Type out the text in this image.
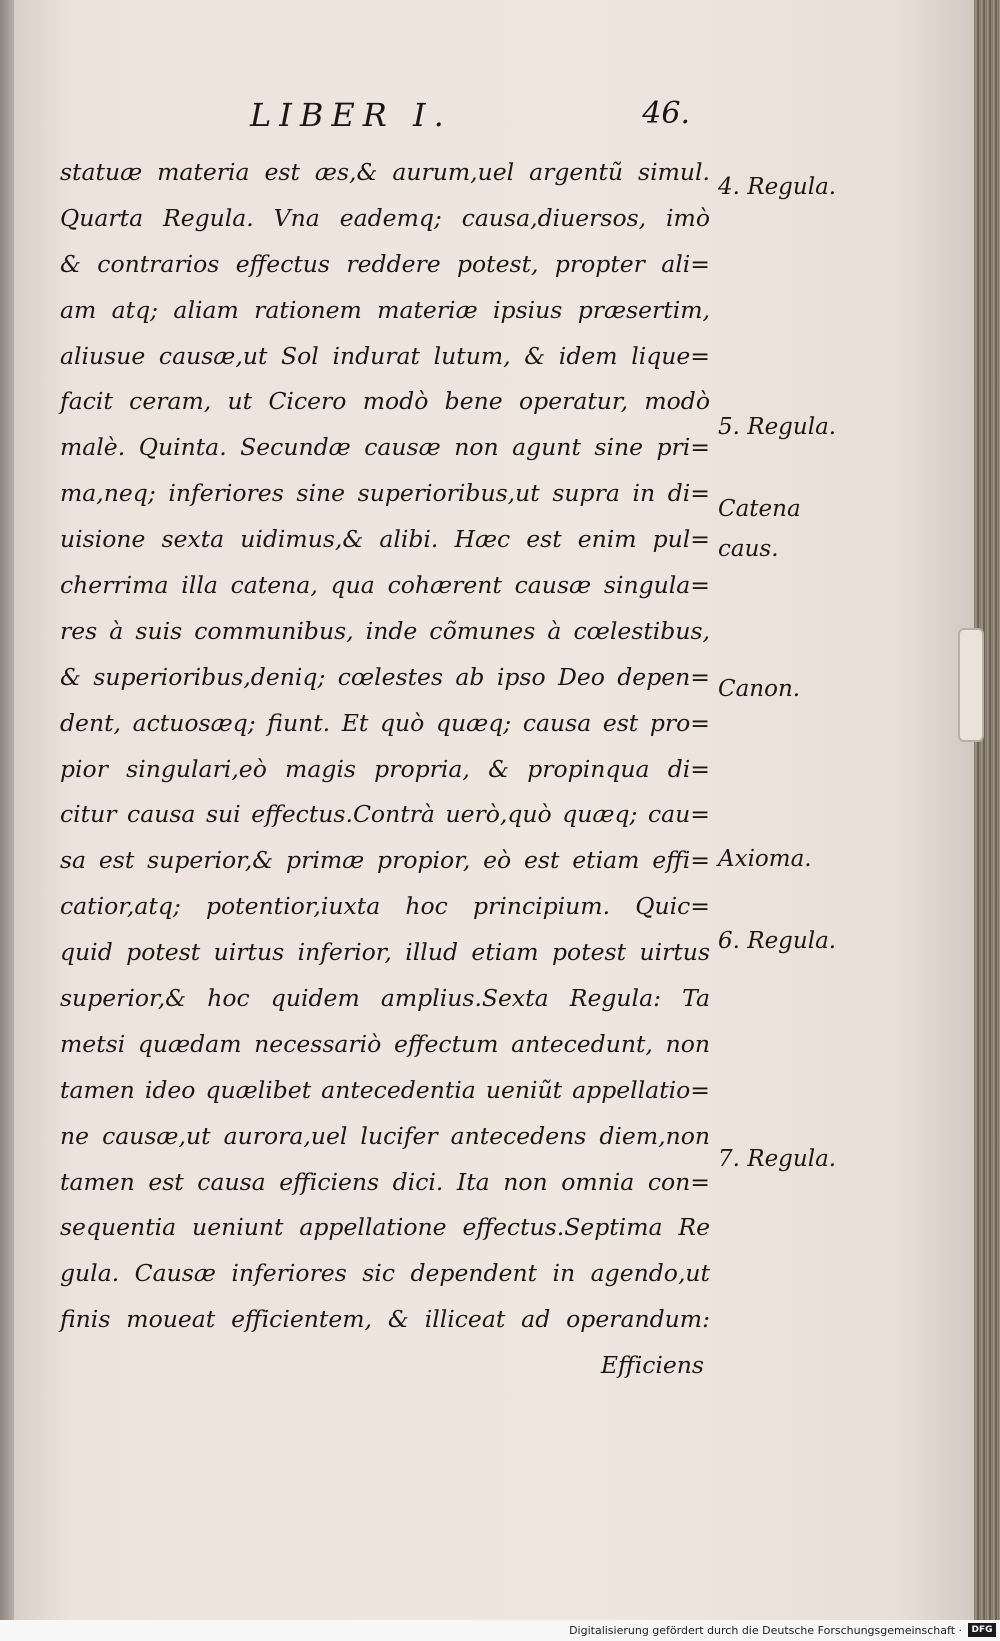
LIBER I.	46.
statuæ materia est æs,& aurum,uel argentũ simul.
Quarta Regula. Vna eademq; causa,diuersos, imò
& contrarios effectus reddere potest, propter ali=
am atq; aliam rationem materiæ ipsius præsertim,
aliusue causæ,ut Sol indurat lutum, & idem lique=
facit ceram, ut Cicero modò bene operatur, modò
malè. Quinta. Secundæ causæ non agunt sine pri=
ma,neq; inferiores sine superioribus,ut supra in di=
uisione sexta uidimus,& alibi. Hæc est enim pul=
cherrima illa catena, qua cohærent causæ singula=
res à suis communibus, inde cõmunes à cœlestibus,
& superioribus,deniq; cœlestes ab ipso Deo depen=
dent, actuosæq; fiunt. Et quò quæq; causa est pro=
pior singulari,eò magis propria, & propinqua di=
citur causa sui effectus.Contrà uerò,quò quæq; cau=
sa est superior,& primæ propior, eò est etiam effi=
catior,atq; potentior,iuxta hoc principium. Quic=
quid potest uirtus inferior, illud etiam potest uirtus
superior,& hoc quidem amplius.Sexta Regula: Ta
metsi quædam necessariò effectum antecedunt, non
tamen ideo quælibet antecedentia ueniũt appellatio=
ne causæ,ut aurora,uel lucifer antecedens diem,non
tamen est causa efficiens dici. Ita non omnia con=
sequentia ueniunt appellatione effectus.Septima Re
gula. Causæ inferiores sic dependent in agendo,ut
finis moueat efficientem, & illiceat ad operandum:
Efficiens
4. Regula.
5. Regula.
Catena
caus.
Canon.
Axioma.
6. Regula.
7. Regula.
Digitalisierung gefördert durch die Deutsche Forschungsgemeinschaft ·	DFG
